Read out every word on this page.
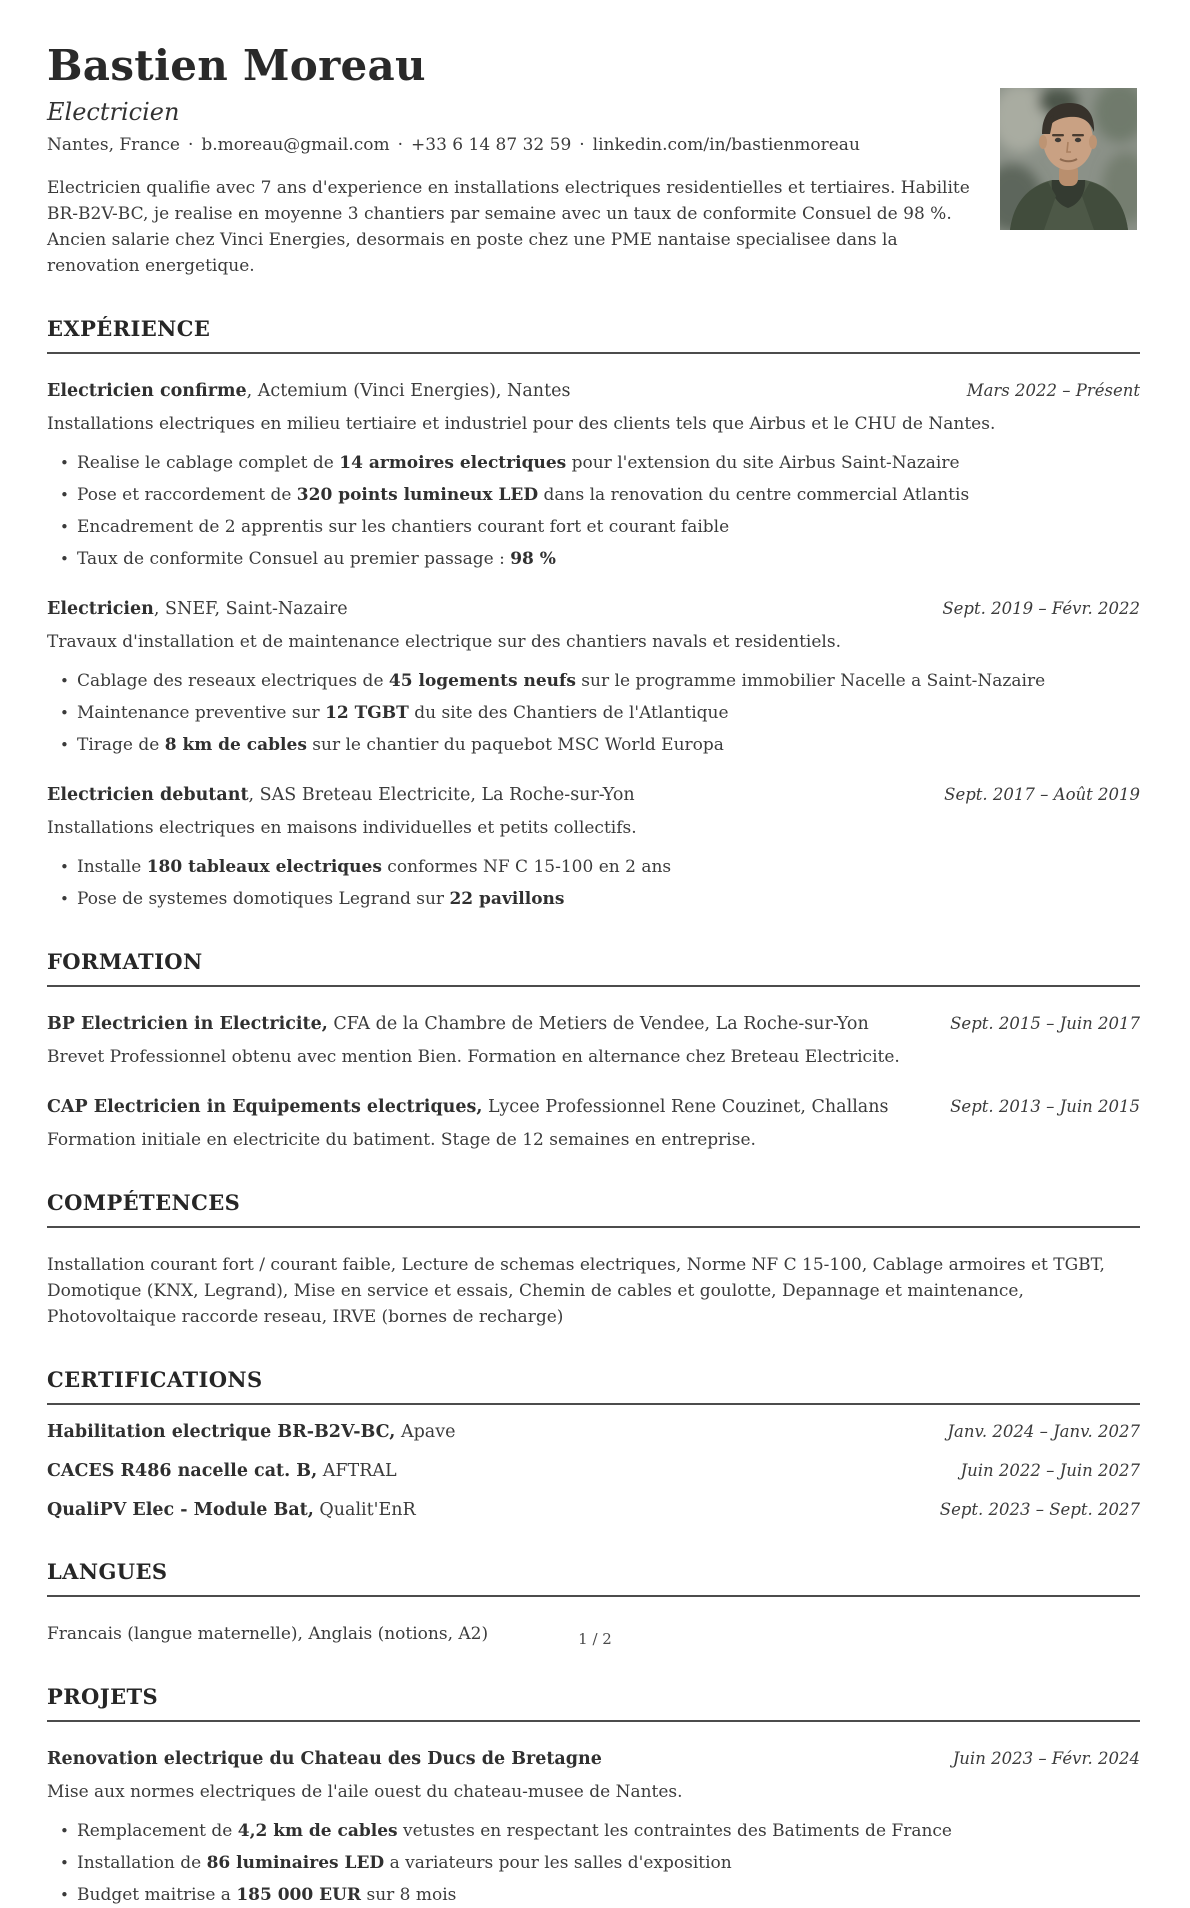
Bastien Moreau
Electricien
Nantes, France · b.moreau@gmail.com · +33 6 14 87 32 59 · linkedin.com/in/bastienmoreau

Electricien qualifie avec 7 ans d'experience en installations electriques residentielles et tertiaires. Habilite BR-B2V-BC, je realise en moyenne 3 chantiers par semaine avec un taux de conformite Consuel de 98 %. Ancien salarie chez Vinci Energies, desormais en poste chez une PME nantaise specialisee dans la renovation energetique.

EXPÉRIENCE
Electricien confirme, Actemium (Vinci Energies), Nantes	Mars 2022 – Présent

Installations electriques en milieu tertiaire et industriel pour des clients tels que Airbus et le CHU de Nantes.

• Realise le cablage complet de 14 armoires electriques pour l'extension du site Airbus Saint-Nazaire
• Pose et raccordement de 320 points lumineux LED dans la renovation du centre commercial Atlantis
• Encadrement de 2 apprentis sur les chantiers courant fort et courant faible
• Taux de conformite Consuel au premier passage : 98 %
Electricien, SNEF, Saint-Nazaire	Sept. 2019 – Févr. 2022

Travaux d'installation et de maintenance electrique sur des chantiers navals et residentiels.

• Cablage des reseaux electriques de 45 logements neufs sur le programme immobilier Nacelle a Saint-Nazaire
• Maintenance preventive sur 12 TGBT du site des Chantiers de l'Atlantique
• Tirage de 8 km de cables sur le chantier du paquebot MSC World Europa
Electricien debutant, SAS Breteau Electricite, La Roche-sur-Yon	Sept. 2017 – Août 2019

Installations electriques en maisons individuelles et petits collectifs.

• Installe 180 tableaux electriques conformes NF C 15-100 en 2 ans
• Pose de systemes domotiques Legrand sur 22 pavillons
FORMATION
BP Electricien in Electricite, CFA de la Chambre de Metiers de Vendee, La Roche-sur-Yon	Sept. 2015 – Juin 2017

Brevet Professionnel obtenu avec mention Bien. Formation en alternance chez Breteau Electricite.

CAP Electricien in Equipements electriques, Lycee Professionnel Rene Couzinet, Challans	Sept. 2013 – Juin 2015

Formation initiale en electricite du batiment. Stage de 12 semaines en entreprise.

COMPÉTENCES

Installation courant fort / courant faible, Lecture de schemas electriques, Norme NF C 15-100, Cablage armoires et TGBT, Domotique (KNX, Legrand), Mise en service et essais, Chemin de cables et goulotte, Depannage et maintenance, Photovoltaique raccorde reseau, IRVE (bornes de recharge)

CERTIFICATIONS
Habilitation electrique BR-B2V-BC, Apave	Janv. 2024 – Janv. 2027
CACES R486 nacelle cat. B, AFTRAL	Juin 2022 – Juin 2027
QualiPV Elec - Module Bat, Qualit'EnR	Sept. 2023 – Sept. 2027
LANGUES

Francais (langue maternelle), Anglais (notions, A2)

PROJETS
Renovation electrique du Chateau des Ducs de Bretagne	Juin 2023 – Févr. 2024

Mise aux normes electriques de l'aile ouest du chateau-musee de Nantes.

• Remplacement de 4,2 km de cables vetustes en respectant les contraintes des Batiments de France
• Installation de 86 luminaires LED a variateurs pour les salles d'exposition
• Budget maitrise a 185 000 EUR sur 8 mois
1 / 2
